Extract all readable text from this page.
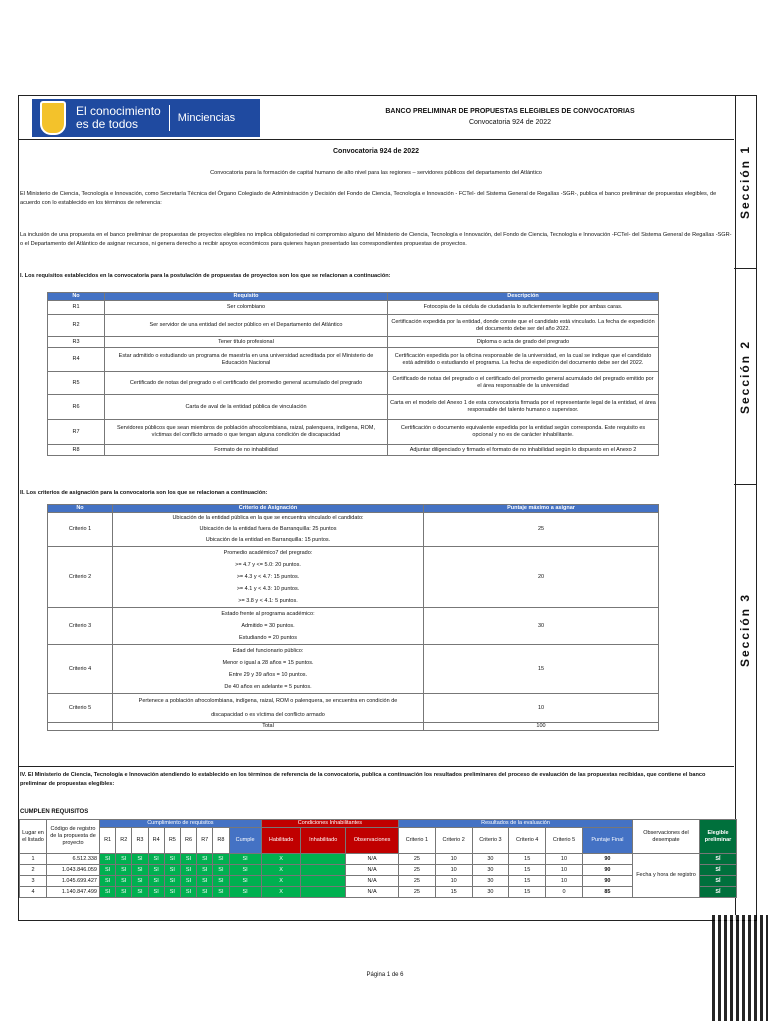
Sección 1
Sección 2
Sección 3
El conocimiento
es de todos	Minciencias
BANCO PRELIMINAR DE PROPUESTAS ELEGIBLES DE CONVOCATORIAS
Convocatoria 924 de 2022
Convocatoria 924 de 2022
Convocatoria para la formación de capital humano de alto nivel para las regiones – servidores públicos del departamento del Atlántico
El Ministerio de Ciencia, Tecnología e Innovación, como Secretaría Técnica del Órgano Colegiado de Administración y Decisión del Fondo de Ciencia, Tecnología e Innovación - FCTeI- del Sistema General de Regalías -SGR-, publica el banco preliminar de propuestas elegibles, de acuerdo con lo establecido en los términos de referencia:
La inclusión de una propuesta en el banco preliminar de propuestas de proyectos elegibles no implica obligatoriedad ni compromiso alguno del Ministerio de Ciencia, Tecnología e Innovación, del Fondo de Ciencia, Tecnología e Innovación -FCTeI- del Sistema General de Regalías -SGR- o el Departamento del Atlántico de asignar recursos, ni genera derecho a recibir apoyos económicos para quienes hayan presentado las correspondientes propuestas de proyectos.
I. Los requisitos establecidos en la convocatoria para la postulación de propuestas de proyectos son los que se relacionan a continuación:
No	Requisito	Descripción
R1	Ser colombiano	Fotocopia de la cédula de ciudadanía lo suficientemente legible por ambas caras.
R2	Ser servidor de una entidad del sector público en el Departamento del Atlántico	Certificación expedida por la entidad, donde conste que el candidato está vinculado. La fecha de expedición del documento debe ser del año 2022.
R3	Tener título profesional	Diploma o acta de grado del pregrado
R4	Estar admitido o estudiando un programa de maestría en una universidad acreditada por el Ministerio de Educación Nacional	Certificación expedida por la oficina responsable de la universidad, en la cual se indique que el candidato está admitido o estudiando el programa. La fecha de expedición del documento debe ser del 2022.
R5	Certificado de notas del pregrado o el certificado del promedio general acumulado del pregrado	Certificado de notas del pregrado o el certificado del promedio general acumulado del pregrado emitido por el área responsable de la universidad
R6	Carta de aval de la entidad pública de vinculación	Carta en el modelo del Anexo 1 de esta convocatoria firmada por el representante legal de la entidad, el área responsable del talento humano o supervisor.
R7	Servidores públicos que sean miembros de población afrocolombiana, raizal, palenquera, indígena, ROM, víctimas del conflicto armado o que tengan alguna condición de discapacidad	Certificación o documento equivalente expedida por la entidad según corresponda. Este requisito es opcional y no es de carácter inhabilitante.
R8	Formato de no inhabilidad	Adjuntar diligenciado y firmado el formato de no inhabilidad según lo dispuesto en el Anexo 2
II. Los criterios de asignación para la convocatoria son los que se relacionan a continuación:
No	Criterio de Asignación	Puntaje máximo a asignar
Criterio 1	Ubicación de la entidad pública en la que se encuentra vinculado el candidato:
Ubicación de la entidad fuera de Barranquilla: 25 puntos
Ubicación de la entidad en Barranquilla: 15 puntos.	25
Criterio 2	Promedio académico7 del pregrado:
>= 4.7 y <= 5.0: 20 puntos.
>= 4.3 y < 4.7: 15 puntos.
>= 4.1 y < 4.3: 10 puntos.
>= 3.8 y < 4.1: 5 puntos.	20
Criterio 3	Estado frente al programa académico:
Admitido = 30 puntos.
Estudiando = 20 puntos	30
Criterio 4	Edad del funcionario público:
Menor o igual a 28 años = 15 puntos.
Entre 29 y 39 años = 10 puntos.
De 40 años en adelante = 5 puntos.	15
Criterio 5	Pertenece a población afrocolombiana, indígena, raizal, ROM o palenquera, se encuentra en condición de
discapacidad o es víctima del conflicto armado	10
	Total	100
IV. El Ministerio de Ciencia, Tecnología e Innovación atendiendo lo establecido en los términos de referencia de la convocatoria, publica a continuación los resultados preliminares del proceso de evaluación de las propuestas recibidas, que contiene el banco preliminar de propuestas elegibles:
CUMPLEN REQUISITOS
Lugar en el listado	Código de registro de la propuesta de proyecto	Cumplimiento de requisitos									Condiciones Inhabilitantes			Resultados de la evaluación						Observaciones del desempate	Elegible preliminar
		R1	R2	R3	R4	R5	R6	R7	R8	Cumple	Habilitado	Inhabilitado	Observaciones	Criterio 1	Criterio 2	Criterio 3	Criterio 4	Criterio 5	Puntaje Final		
1	6.512.338	SI	SI	SI	SI	SI	SI	SI	SI	SI	X		N/A	25	10	30	15	10	90	Fecha y hora de registro	SÍ
2	1.043.846.059	SI	SI	SI	SI	SI	SI	SI	SI	SI	X		N/A	25	10	30	15	10	90		SÍ
3	1.045.699.427	SI	SI	SI	SI	SI	SI	SI	SI	SI	X		N/A	25	10	30	15	10	90		SÍ
4	1.140.847.499	SI	SI	SI	SI	SI	SI	SI	SI	SI	X		N/A	25	15	30	15	0	85		SÍ
Página 1 de 6
